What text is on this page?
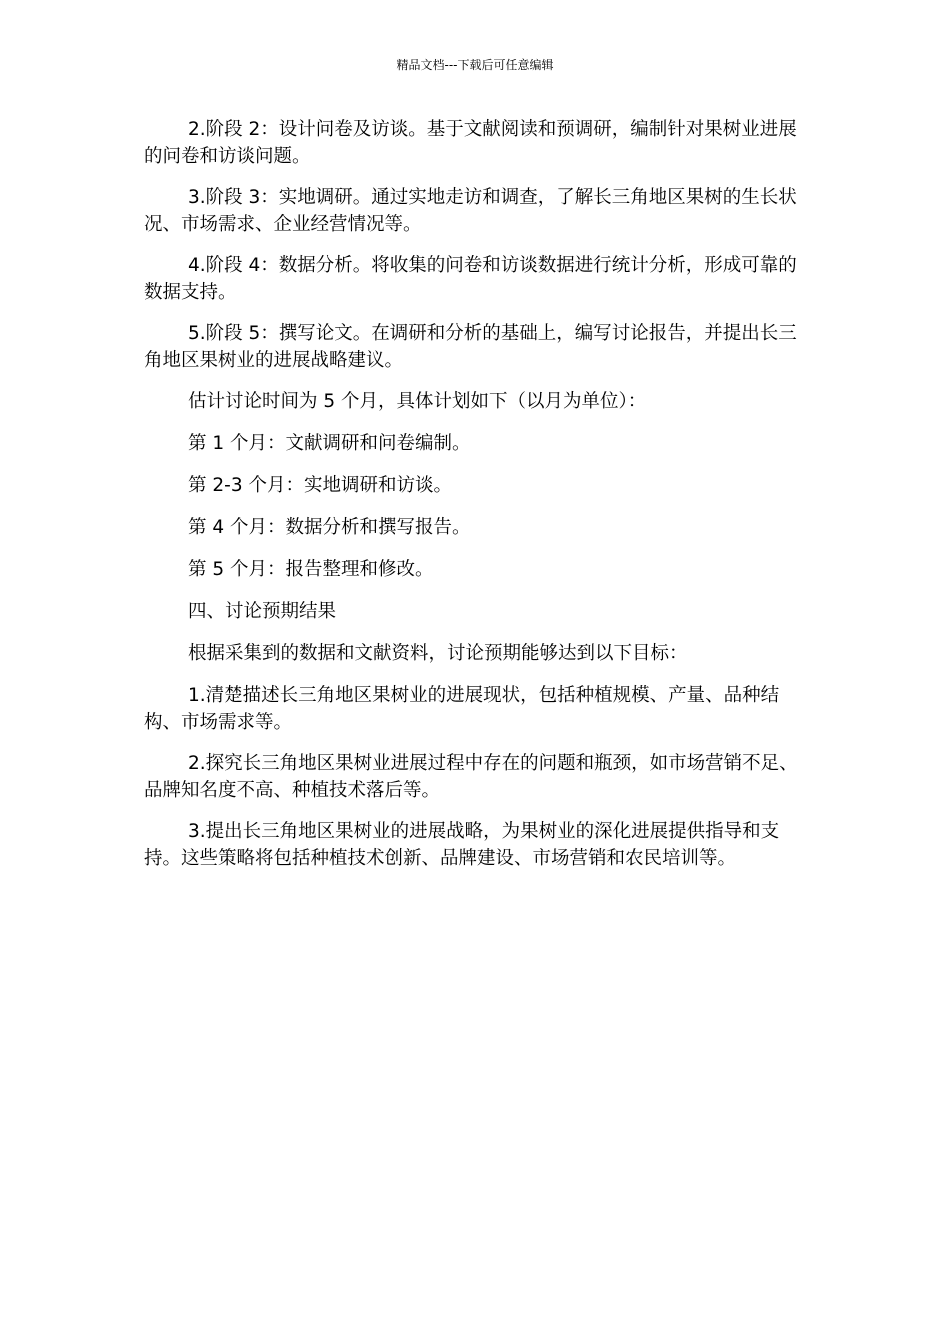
精品文档---下载后可任意编辑

2.阶段 2：设计问卷及访谈。基于文献阅读和预调研，编制针对果树业进展的问卷和访谈问题。

3.阶段 3：实地调研。通过实地走访和调查，了解长三角地区果树的生长状况、市场需求、企业经营情况等。

4.阶段 4：数据分析。将收集的问卷和访谈数据进行统计分析，形成可靠的数据支持。

5.阶段 5：撰写论文。在调研和分析的基础上，编写讨论报告，并提出长三角地区果树业的进展战略建议。

估计讨论时间为 5 个月，具体计划如下（以月为单位）：

第 1 个月：文献调研和问卷编制。

第 2-3 个月：实地调研和访谈。

第 4 个月：数据分析和撰写报告。

第 5 个月：报告整理和修改。

四、讨论预期结果

根据采集到的数据和文献资料，讨论预期能够达到以下目标：

1.清楚描述长三角地区果树业的进展现状，包括种植规模、产量、品种结构、市场需求等。

2.探究长三角地区果树业进展过程中存在的问题和瓶颈，如市场营销不足、品牌知名度不高、种植技术落后等。

3.提出长三角地区果树业的进展战略，为果树业的深化进展提供指导和支持。这些策略将包括种植技术创新、品牌建设、市场营销和农民培训等。
